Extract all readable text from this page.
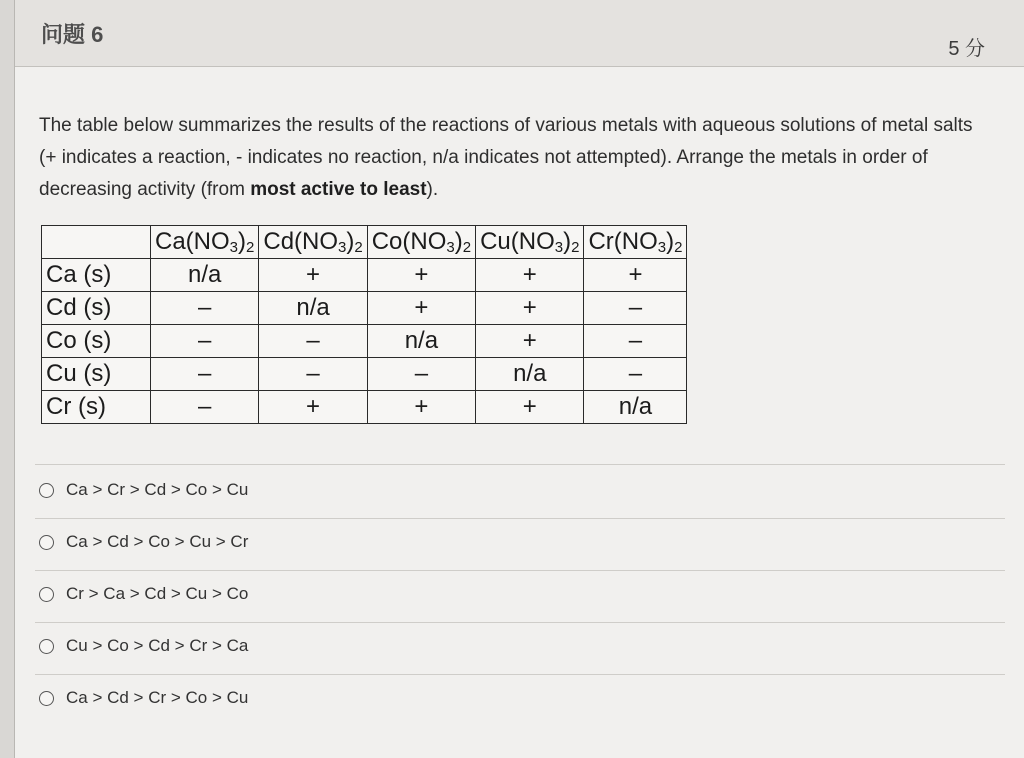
问题 6
5 分

The table below summarizes the results of the reactions of various metals with aqueous solutions of metal salts (+ indicates a reaction, - indicates no reaction, n/a indicates not attempted). Arrange the metals in order of decreasing activity (from most active to least).

	$Ca(NO_3)_2$	$Cd(NO_3)_2$	$Co(NO_3)_2$	$Cu(NO_3)_2$	$Cr(NO_3)_2$
Ca (s)	n/a	+	+	+	+
Cd (s)	–	n/a	+	+	–
Co (s)	–	–	n/a	+	–
Cu (s)	–	–	–	n/a	–
Cr (s)	–	+	+	+	n/a
Ca > Cr > Cd > Co > Cu
Ca > Cd > Co > Cu > Cr
Cr > Ca > Cd > Cu > Co
Cu > Co > Cd > Cr > Ca
Ca > Cd > Cr > Co > Cu
